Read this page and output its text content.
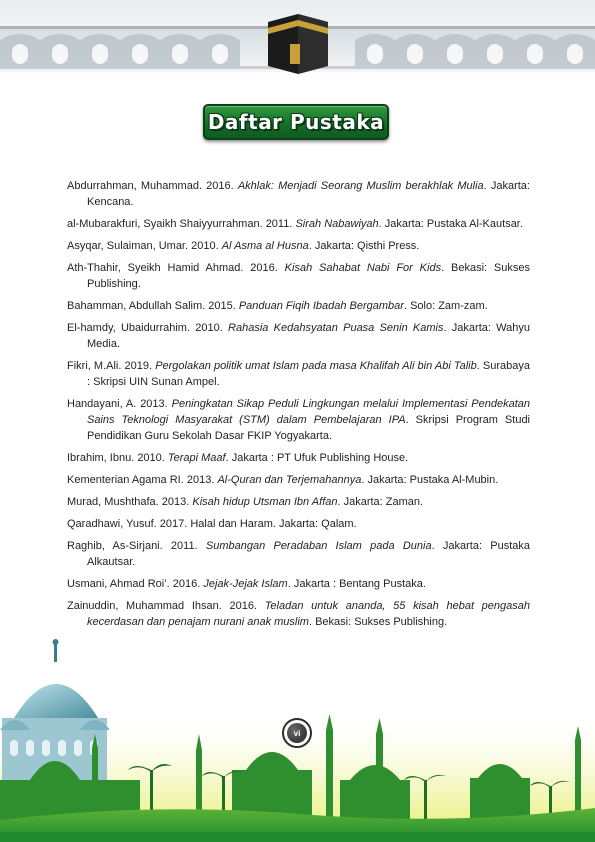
Daftar Pustaka

Abdurrahman, Muhammad. 2016. Akhlak: Menjadi Seorang Muslim berakhlak Mulia. Jakarta: Kencana.

al-Mubarakfuri, Syaikh Shaiyyurrahman. 2011. Sirah Nabawiyah. Jakarta: Pustaka Al-Kautsar.

Asyqar, Sulaiman, Umar. 2010. Al Asma al Husna. Jakarta: Qisthi Press.

Ath-Thahir, Syeikh Hamid Ahmad. 2016. Kisah Sahabat Nabi For Kids. Bekasi: Sukses Publishing.

Bahamman, Abdullah Salim. 2015. Panduan Fiqih Ibadah Bergambar. Solo: Zam-zam.

El-hamdy, Ubaidurrahim. 2010. Rahasia Kedahsyatan Puasa Senin Kamis. Jakarta: Wahyu Media.

Fikri, M.Ali. 2019. Pergolakan politik umat Islam pada masa Khalifah Ali bin Abi Talib. Surabaya : Skripsi UIN Sunan Ampel.

Handayani, A. 2013. Peningkatan Sikap Peduli Lingkungan melalui Implementasi Pendekatan Sains Teknologi Masyarakat (STM) dalam Pembelajaran IPA. Skripsi Program Studi Pendidikan Guru Sekolah Dasar FKIP Yogyakarta.

Ibrahim, Ibnu. 2010. Terapi Maaf. Jakarta : PT Ufuk Publishing House.

Kementerian Agama RI. 2013. Al-Quran dan Terjemahannya. Jakarta: Pustaka Al-Mubin.

Murad, Mushthafa. 2013. Kisah hidup Utsman Ibn Affan. Jakarta: Zaman.

Qaradhawi, Yusuf. 2017. Halal dan Haram. Jakarta: Qalam.

Raghib, As-Sirjani. 2011. Sumbangan Peradaban Islam pada Dunia. Jakarta: Pustaka Alkautsar.

Usmani, Ahmad Roi’. 2016. Jejak-Jejak Islam. Jakarta : Bentang Pustaka.

Zainuddin, Muhammad Ihsan. 2016. Teladan untuk ananda, 55 kisah hebat pengasah kecerdasan dan penajam nurani anak muslim. Bekasi: Sukses Publishing.

vi
